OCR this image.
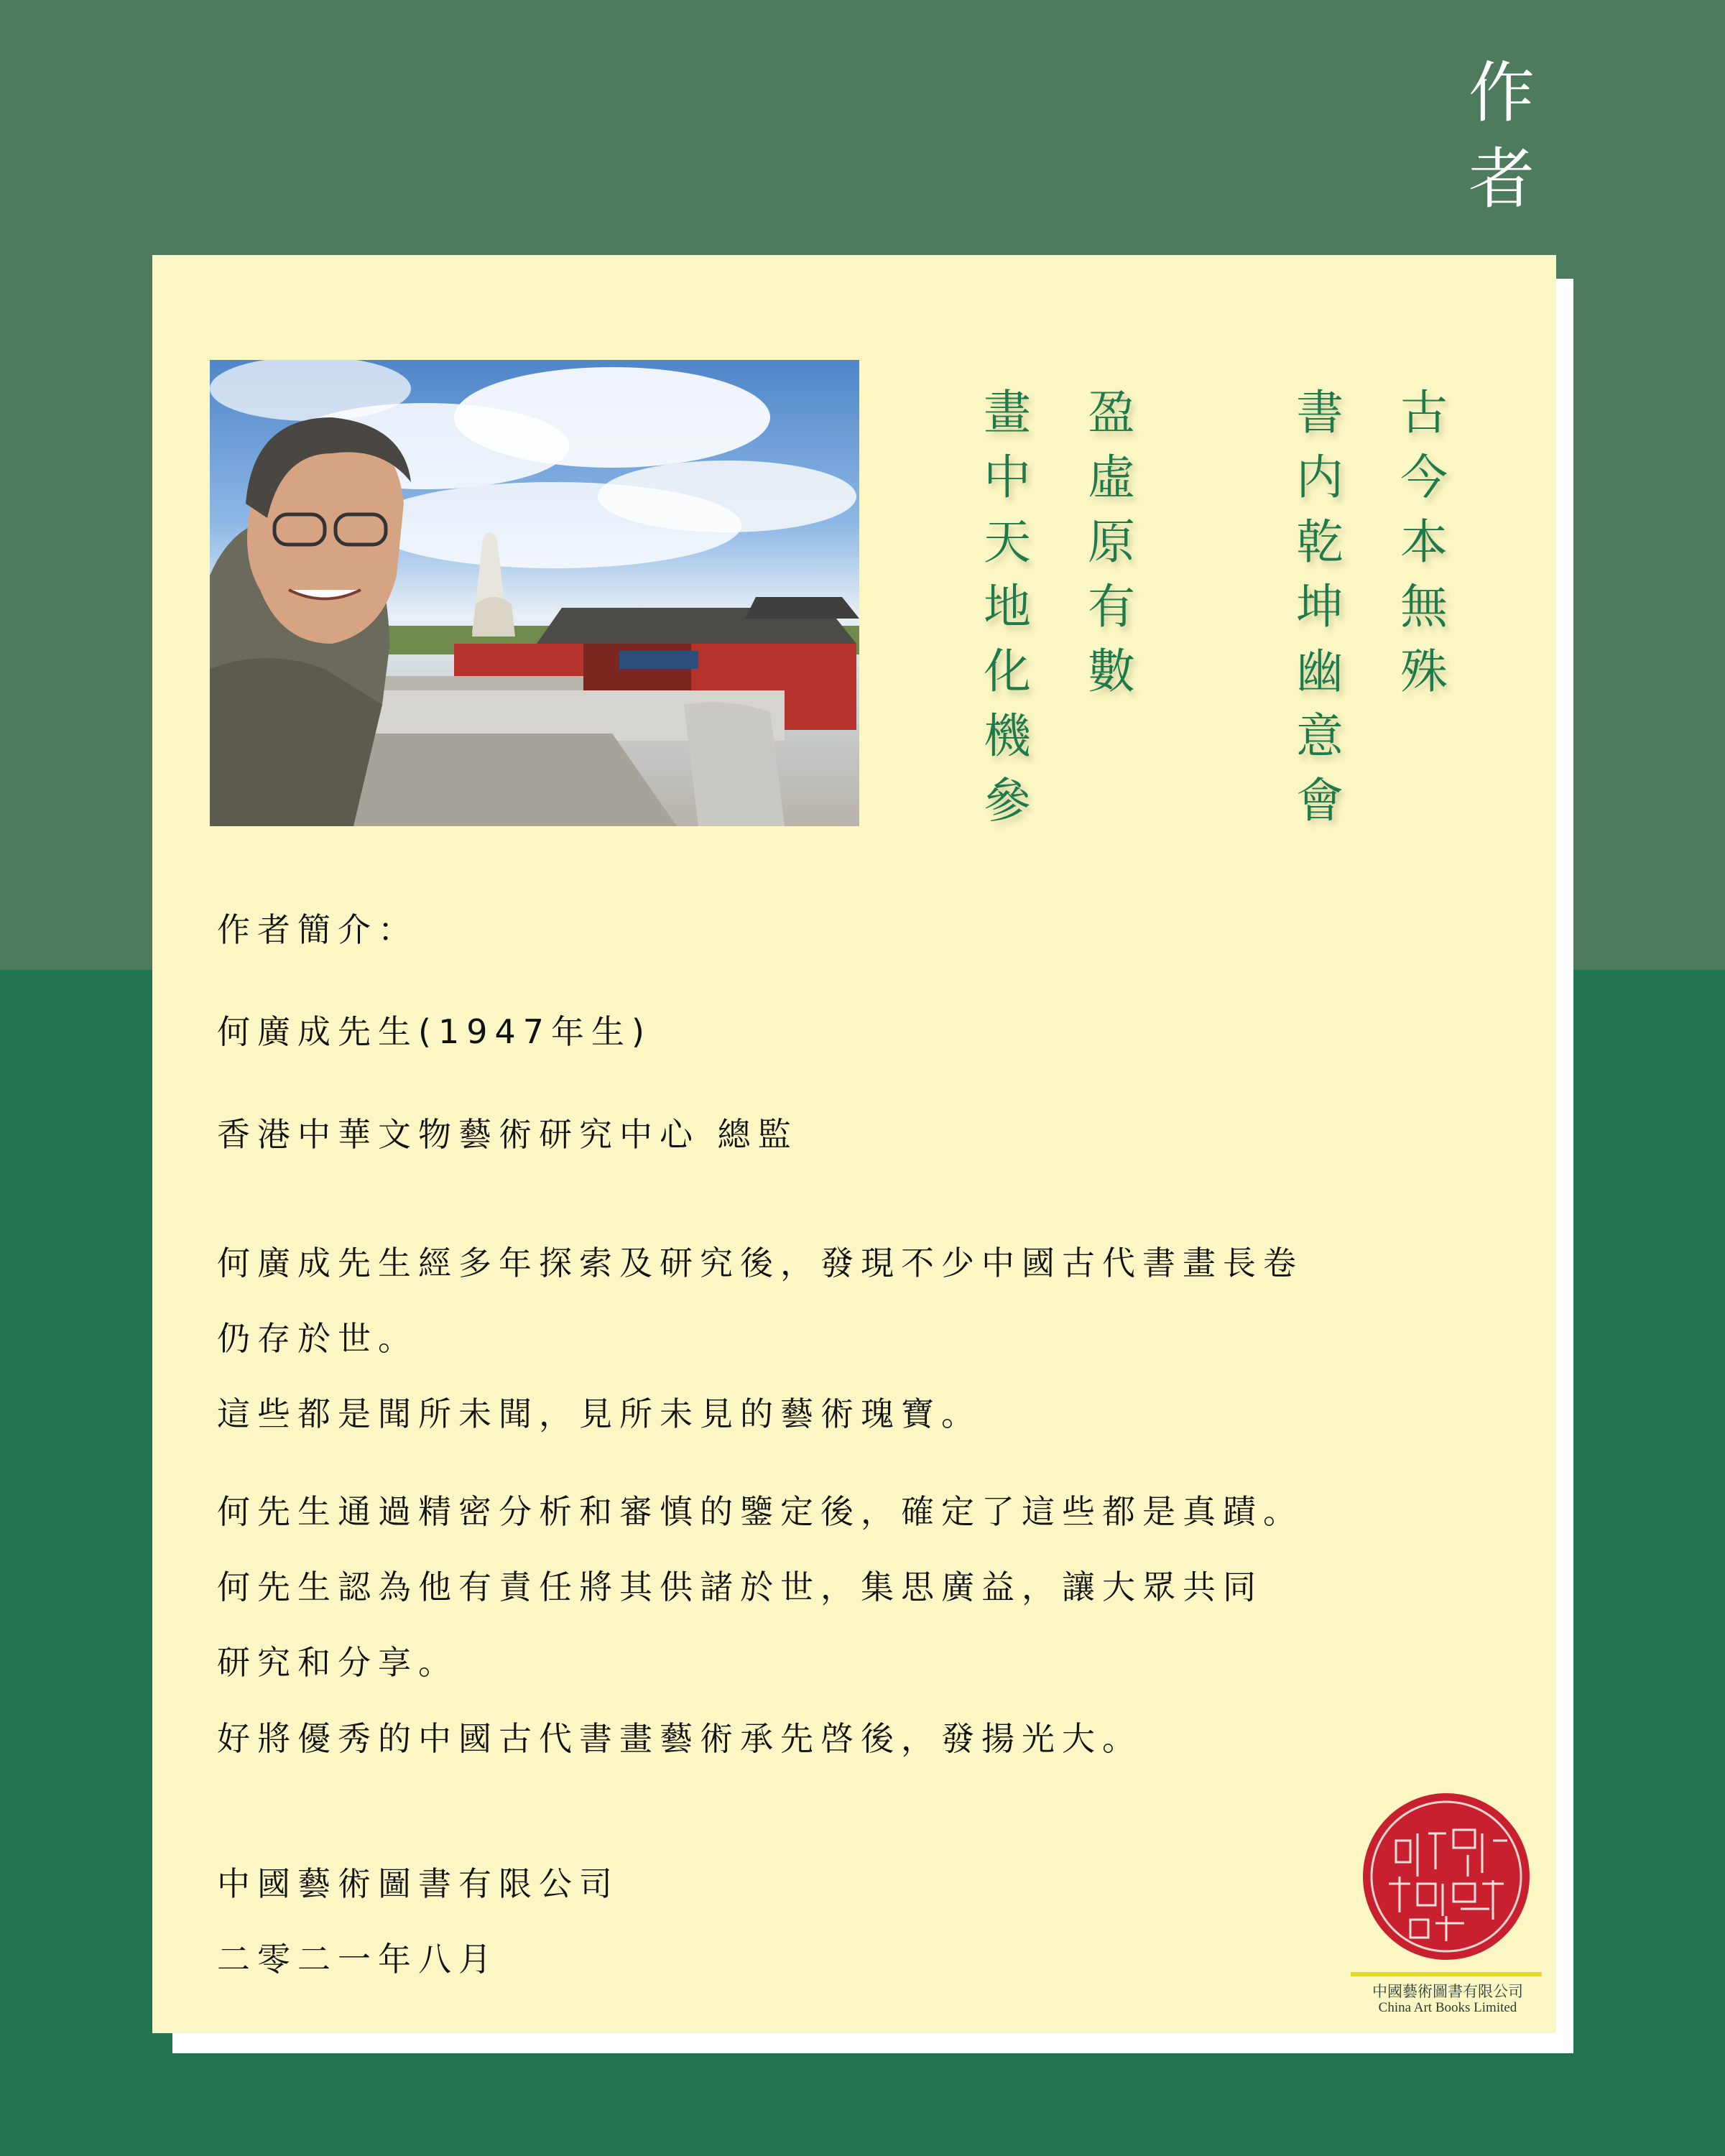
作
者
古
今
本
無
殊
書
内
乾
坤
幽
意
會
盈
虛
原
有
數
畫
中
天
地
化
機
參
作者簡介：
何廣成先生(1947年生)
香港中華文物藝術研究中心 總監
何廣成先生經多年探索及研究後，發現不少中國古代書畫長卷
仍存於世。
這些都是聞所未聞，見所未見的藝術瑰寶。
何先生通過精密分析和審慎的鑒定後，確定了這些都是真蹟。
何先生認為他有責任將其供諸於世，集思廣益，讓大眾共同
研究和分享。
好將優秀的中國古代書畫藝術承先啓後，發揚光大。
中國藝術圖書有限公司
二零二一年八月
中國藝術圖書有限公司
China Art Books Limited
